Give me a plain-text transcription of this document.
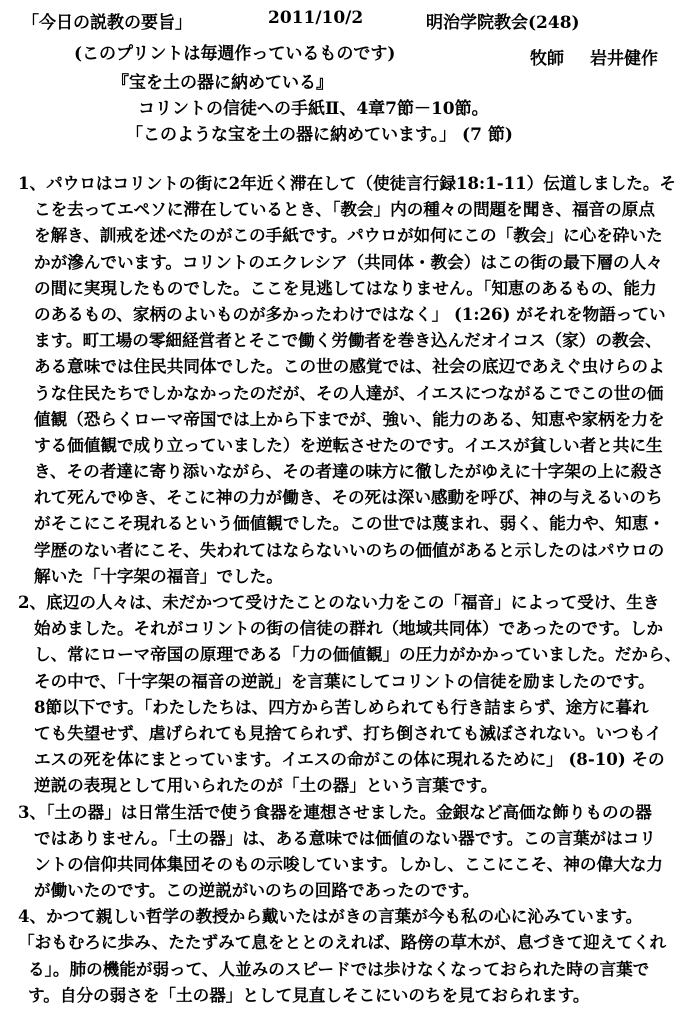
「今日の説教の要旨」	2011/10/2	明治学院教会(248)
(このプリントは毎週作っているものです)	牧師 岩井健作
『宝を土の器に納めている』
コリントの信徒への手紙Ⅱ、4章7節－10節。
「このような宝を土の器に納めています。」 (7 節)
1、パウロはコリントの街に2年近く滞在して（使徒言行録18:1-11）伝道しました。そ
こを去ってエペソに滞在しているとき、「教会」内の種々の問題を聞き、福音の原点
を解き、訓戒を述べたのがこの手紙です。パウロが如何にこの「教会」に心を砕いた
かが滲んでいます。コリントのエクレシア（共同体・教会）はこの街の最下層の人々
の間に実現したものでした。ここを見逃してはなりません。「知恵のあるもの、能力
のあるもの、家柄のよいものが多かったわけではなく」 (1:26) がそれを物語ってい
ます。町工場の零細経営者とそこで働く労働者を巻き込んだオイコス（家）の教会、
ある意味では住民共同体でした。この世の感覚では、社会の底辺であえぐ虫けらのよ
うな住民たちでしかなかったのだが、その人達が、イエスにつながるこでこの世の価
値観（恐らくローマ帝国では上から下までが、強い、能力のある、知恵や家柄を力を
する価値観で成り立っていました）を逆転させたのです。イエスが貧しい者と共に生
き、その者達に寄り添いながら、その者達の味方に徹したがゆえに十字架の上に殺さ
れて死んでゆき、そこに神の力が働き、その死は深い感動を呼び、神の与えるいのち
がそこにこそ現れるという価値観でした。この世では蔑まれ、弱く、能力や、知恵・
学歴のない者にこそ、失われてはならないいのちの価値があると示したのはパウロの
解いた「十字架の福音」でした。
2、底辺の人々は、未だかつて受けたことのない力をこの「福音」によって受け、生き
始めました。それがコリントの街の信徒の群れ（地域共同体）であったのです。しか
し、常にローマ帝国の原理である「力の価値観」の圧力がかかっていました。だから、
その中で、「十字架の福音の逆説」を言葉にしてコリントの信徒を励ましたのです。
8節以下です。「わたしたちは、四方から苦しめられても行き詰まらず、途方に暮れ
ても失望せず、虐げられても見捨てられず、打ち倒されても滅ぼされない。いつもイ
エスの死を体にまとっています。イエスの命がこの体に現れるために」 (8-10) その
逆説の表現として用いられたのが「土の器」という言葉です。
3、「土の器」は日常生活で使う食器を連想させました。金銀など高価な飾りものの器
ではありません。「土の器」は、ある意味では価値のない器です。この言葉がはコリ
ントの信仰共同体集団そのもの示唆しています。しかし、ここにこそ、神の偉大な力
が働いたのです。この逆説がいのちの回路であったのです。
4、かつて親しい哲学の教授から戴いたはがきの言葉が今も私の心に沁みています。
「おもむろに歩み、たたずみて息をととのえれば、路傍の草木が、息づきて迎えてくれ
る」。肺の機能が弱って、人並みのスピードでは歩けなくなっておられた時の言葉で
す。自分の弱さを「土の器」として見直しそこにいのちを見ておられます。
